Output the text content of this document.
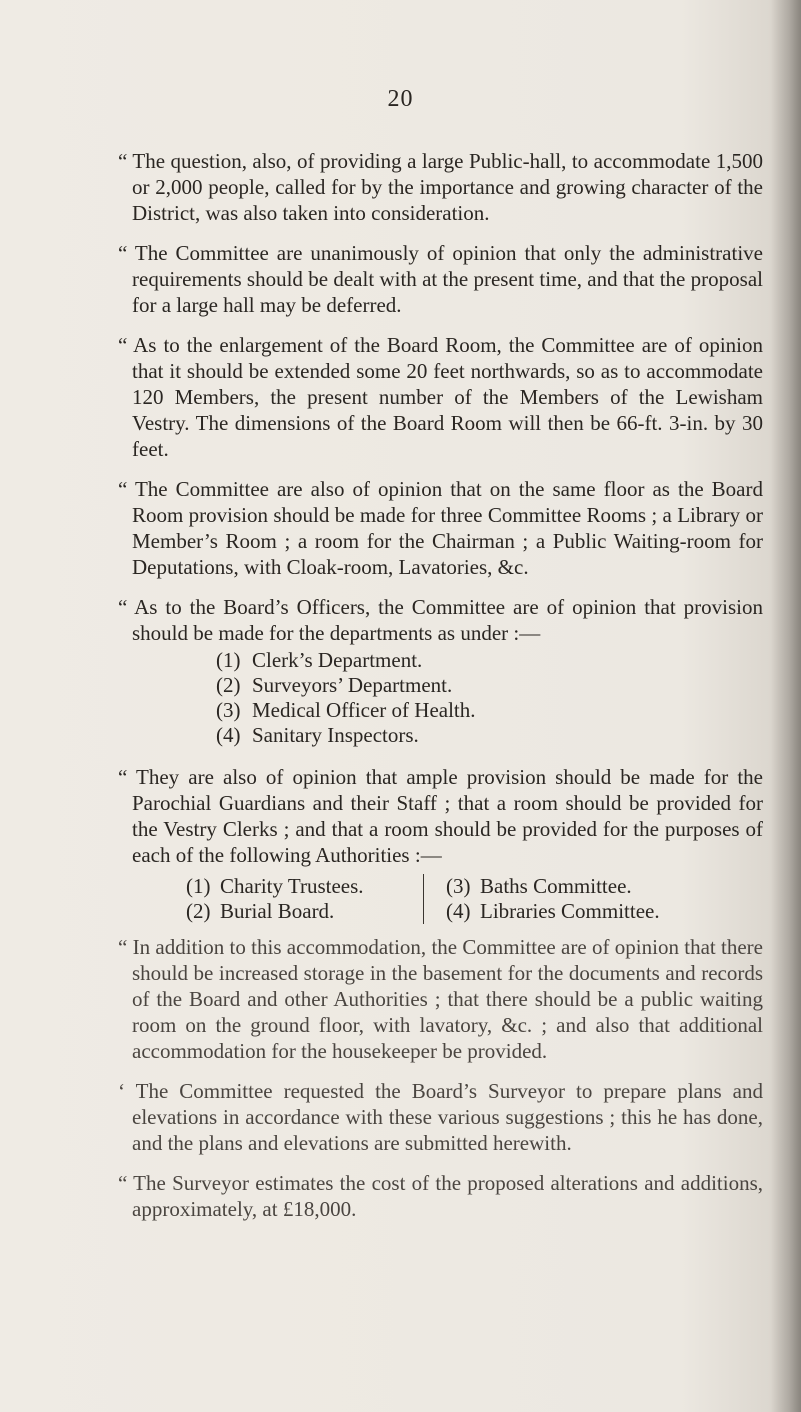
20

“ The question, also, of providing a large Public-hall, to accommodate 1,500 or 2,000 people, called for by the importance and growing character of the District, was also taken into consideration.

“ The Committee are unanimously of opinion that only the administrative requirements should be dealt with at the present time, and that the proposal for a large hall may be deferred.

“ As to the enlargement of the Board Room, the Committee are of opinion that it should be extended some 20 feet northwards, so as to accommodate 120 Members, the present number of the Members of the Lewisham Vestry. The dimensions of the Board Room will then be 66-ft. 3-in. by 30 feet.

“ The Committee are also of opinion that on the same floor as the Board Room provision should be made for three Committee Rooms ; a Library or Member’s Room ; a room for the Chairman ; a Public Waiting-room for Deputations, with Cloak-room, Lavatories, &c.

“ As to the Board’s Officers, the Committee are of opinion that provision should be made for the departments as under :—

(1) Clerk’s Department.
(2) Surveyors’ Department.
(3) Medical Officer of Health.
(4) Sanitary Inspectors.

“ They are also of opinion that ample provision should be made for the Parochial Guardians and their Staff ; that a room should be provided for the Vestry Clerks ; and that a room should be provided for the purposes of each of the following Authorities :—

(1) Charity Trustees.
(2) Burial Board.
(3) Baths Committee.
(4) Libraries Committee.

“ In addition to this accommodation, the Committee are of opinion that there should be increased storage in the basement for the documents and records of the Board and other Authorities ; that there should be a public waiting room on the ground floor, with lavatory, &c. ; and also that additional accommodation for the housekeeper be provided.

‘ The Committee requested the Board’s Surveyor to prepare plans and elevations in accordance with these various suggestions ; this he has done, and the plans and elevations are submitted herewith.

“ The Surveyor estimates the cost of the proposed alterations and additions, approximately, at £18,000.
